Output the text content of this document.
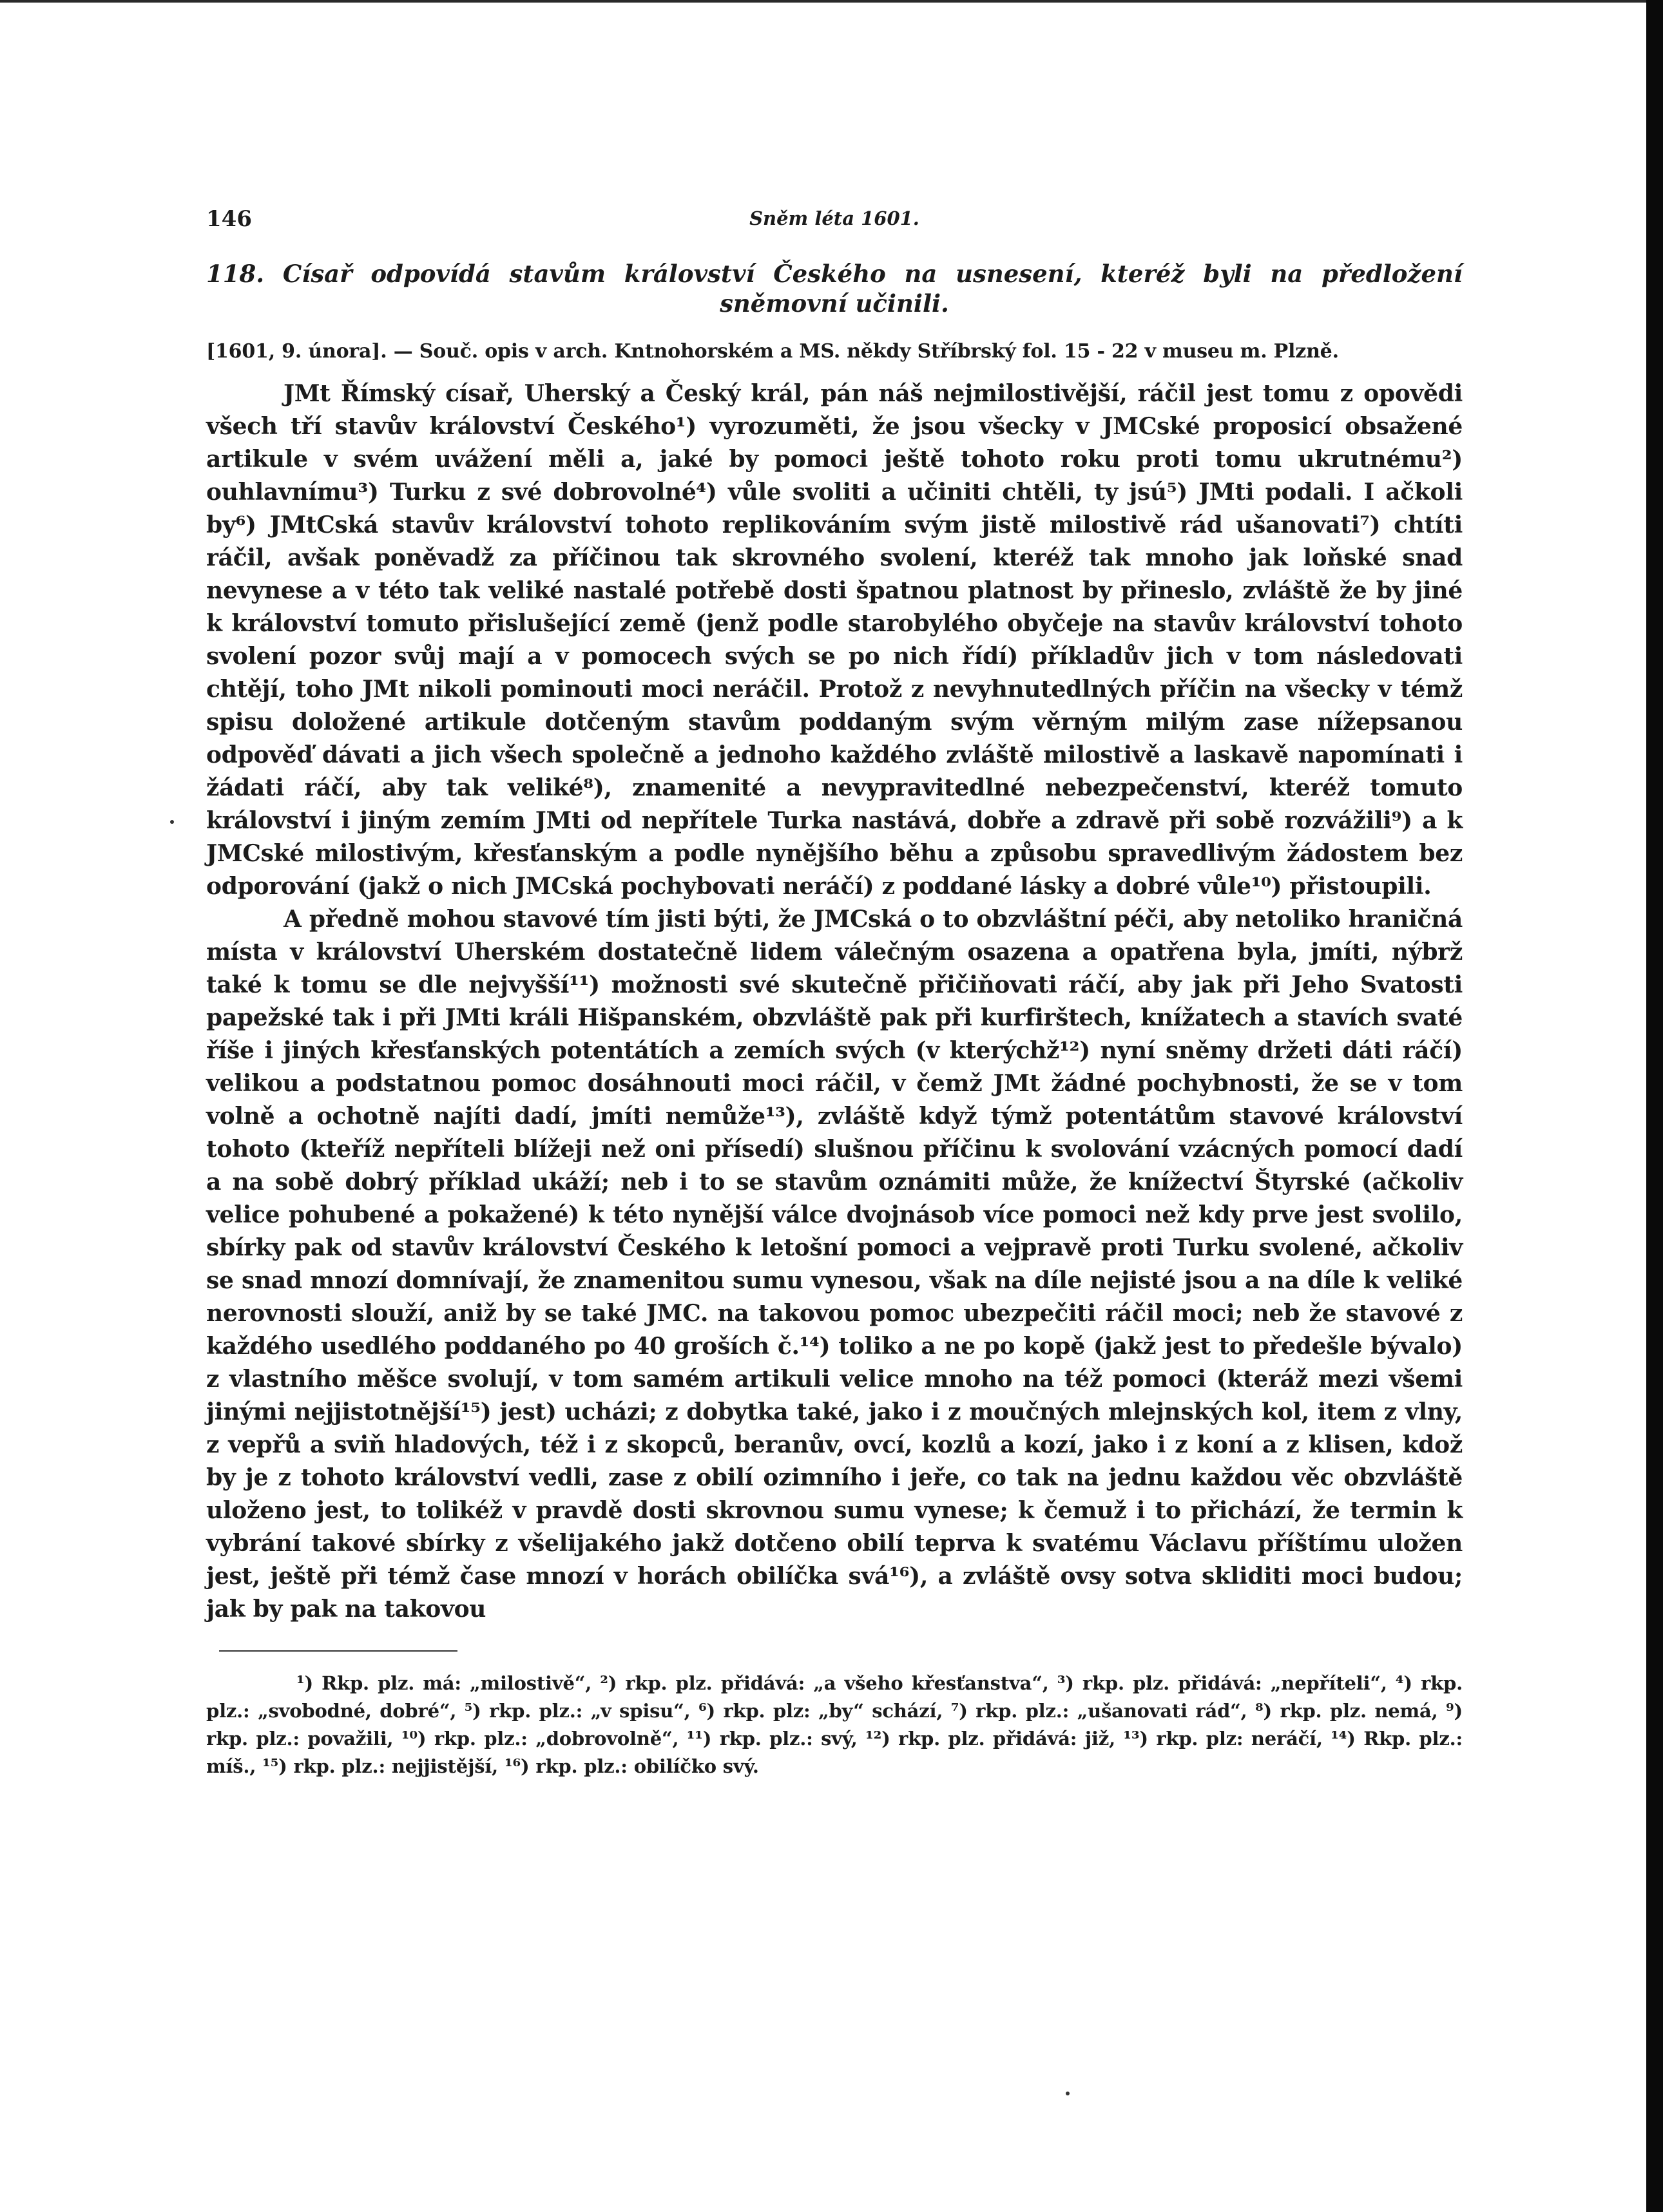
146	Sněm léta 1601.
118. Císař odpovídá stavům království Českého na usnesení, kteréž byli na předložení sněmovní učinili.
[1601, 9. února]. — Souč. opis v arch. Kntnohorském a MS. někdy Stříbrský fol. 15 - 22 v museu m. Plzně.

JMt Římský císař, Uherský a Český král, pán náš nejmilostivější, ráčil jest tomu z opovědi všech tří stavův království Českého¹) vyrozuměti, že jsou všecky v JMCské proposicí obsažené artikule v svém uvážení měli a, jaké by pomoci ještě tohoto roku proti tomu ukrutnému²) ouhlavnímu³) Turku z své dobrovolné⁴) vůle svoliti a učiniti chtěli, ty jsú⁵) JMti podali. I ačkoli by⁶) JMtCská stavův království tohoto replikováním svým jistě milostivě rád ušanovati⁷) chtíti ráčil, avšak poněvadž za příčinou tak skrovného svolení, kteréž tak mnoho jak loňské snad nevynese a v této tak veliké nastalé potřebě dosti špatnou platnost by přineslo, zvláště že by jiné k království tomuto přislušející země (jenž podle starobylého obyčeje na stavův království tohoto svolení pozor svůj mají a v pomocech svých se po nich řídí) příkladův jich v tom následovati chtějí, toho JMt nikoli pominouti moci neráčil. Protož z nevyhnutedlných příčin na všecky v témž spisu doložené artikule dotčeným stavům poddaným svým věrným milým zase nížepsanou odpověď dávati a jich všech společně a jednoho každého zvláště milostivě a laskavě napomínati i žádati ráčí, aby tak veliké⁸), znamenité a nevypravitedlné nebezpečenství, kteréž tomuto království i jiným zemím JMti od nepřítele Turka nastává, dobře a zdravě při sobě rozvážili⁹) a k JMCské milostivým, křesťanským a podle nynějšího běhu a způsobu spravedlivým žádostem bez odporování (jakž o nich JMCská pochybovati neráčí) z poddané lásky a dobré vůle¹⁰) přistoupili.

A předně mohou stavové tím jisti býti, že JMCská o to obzvláštní péči, aby netoliko hraničná místa v království Uherském dostatečně lidem válečným osazena a opatřena byla, jmíti, nýbrž také k tomu se dle nejvyšší¹¹) možnosti své skutečně přičiňovati ráčí, aby jak při Jeho Svatosti papežské tak i při JMti králi Hišpanském, obzvláště pak při kurfirštech, knížatech a stavích svaté říše i jiných křesťanských potentátích a zemích svých (v kterýchž¹²) nyní sněmy držeti dáti ráčí) velikou a podstatnou pomoc dosáhnouti moci ráčil, v čemž JMt žádné pochybnosti, že se v tom volně a ochotně najíti dadí, jmíti nemůže¹³), zvláště když týmž potentátům stavové království tohoto (kteříž nepříteli blížeji než oni přísedí) slušnou příčinu k svolování vzácných pomocí dadí a na sobě dobrý příklad ukáží; neb i to se stavům oznámiti může, že knížectví Štyrské (ačkoliv velice pohubené a pokažené) k této nynější válce dvojnásob více pomoci než kdy prve jest svolilo, sbírky pak od stavův království Českého k letošní pomoci a vejpravě proti Turku svolené, ačkoliv se snad mnozí domnívají, že znamenitou sumu vynesou, však na díle nejisté jsou a na díle k veliké nerovnosti slouží, aniž by se také JMC. na takovou pomoc ubezpečiti ráčil moci; neb že stavové z každého usedlého poddaného po 40 groších č.¹⁴) toliko a ne po kopě (jakž jest to předešle bývalo) z vlastního měšce svolují, v tom samém artikuli velice mnoho na též pomoci (kteráž mezi všemi jinými nejjistotnější¹⁵) jest) ucházi; z dobytka také, jako i z moučných mlejnských kol, item z vlny, z vepřů a sviň hladových, též i z skopců, beranův, ovcí, kozlů a kozí, jako i z koní a z klisen, kdož by je z tohoto království vedli, zase z obilí ozimního i jeře, co tak na jednu každou věc obzvláště uloženo jest, to tolikéž v pravdě dosti skrovnou sumu vynese; k čemuž i to přichází, že termin k vybrání takové sbírky z všelijakého jakž dotčeno obilí teprva k svatému Václavu příštímu uložen jest, ještě při témž čase mnozí v horách obilíčka svá¹⁶), a zvláště ovsy sotva skliditi moci budou; jak by pak na takovou

¹) Rkp. plz. má: „milostivě“, ²) rkp. plz. přidává: „a všeho křesťanstva“, ³) rkp. plz. přidává: „nepříteli“, ⁴) rkp. plz.: „svobodné, dobré“, ⁵) rkp. plz.: „v spisu“, ⁶) rkp. plz: „by“ schází, ⁷) rkp. plz.: „ušanovati rád“, ⁸) rkp. plz. nemá, ⁹) rkp. plz.: považili, ¹⁰) rkp. plz.: „dobrovolně“, ¹¹) rkp. plz.: svý, ¹²) rkp. plz. přidává: již, ¹³) rkp. plz: neráčí, ¹⁴) Rkp. plz.: míš., ¹⁵) rkp. plz.: nejjistější, ¹⁶) rkp. plz.: obilíčko svý.
